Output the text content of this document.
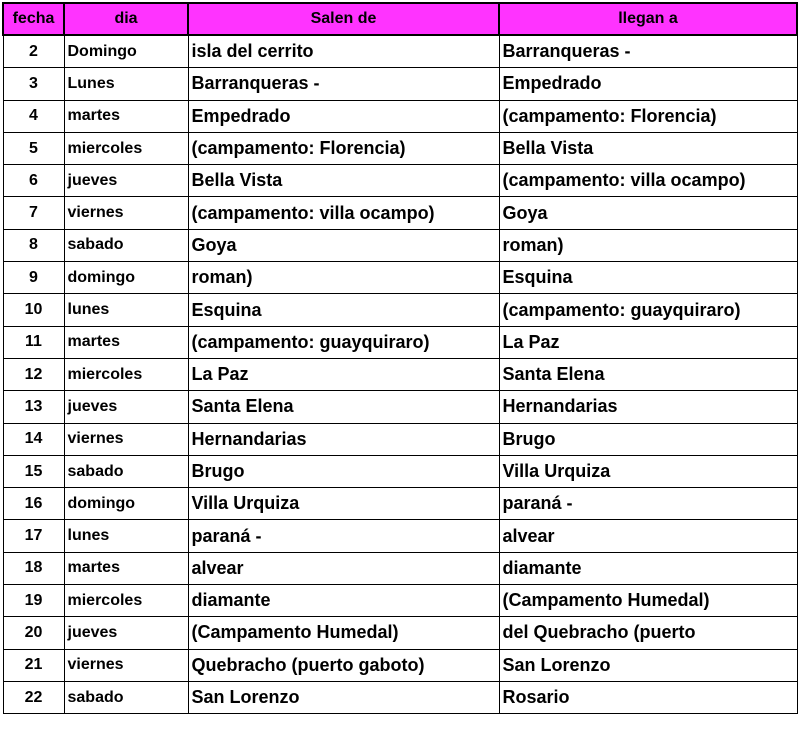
fecha	dia	Salen de	llegan a
2	Domingo	isla del cerrito	Barranqueras -
3	Lunes	Barranqueras -	Empedrado
4	martes	Empedrado	(campamento: Florencia)
5	miercoles	(campamento: Florencia)	Bella Vista
6	jueves	Bella Vista	(campamento: villa ocampo)
7	viernes	(campamento: villa ocampo)	Goya
8	sabado	Goya	roman)
9	domingo	roman)	Esquina
10	lunes	Esquina	(campamento: guayquiraro)
11	martes	(campamento: guayquiraro)	La Paz
12	miercoles	La Paz	Santa Elena
13	jueves	Santa Elena	Hernandarias
14	viernes	Hernandarias	Brugo
15	sabado	Brugo	Villa Urquiza
16	domingo	Villa Urquiza	paraná -
17	lunes	paraná -	alvear
18	martes	alvear	diamante
19	miercoles	diamante	(Campamento Humedal)
20	jueves	(Campamento Humedal)	del Quebracho (puerto
21	viernes	Quebracho (puerto gaboto)	San Lorenzo
22	sabado	San Lorenzo	Rosario
